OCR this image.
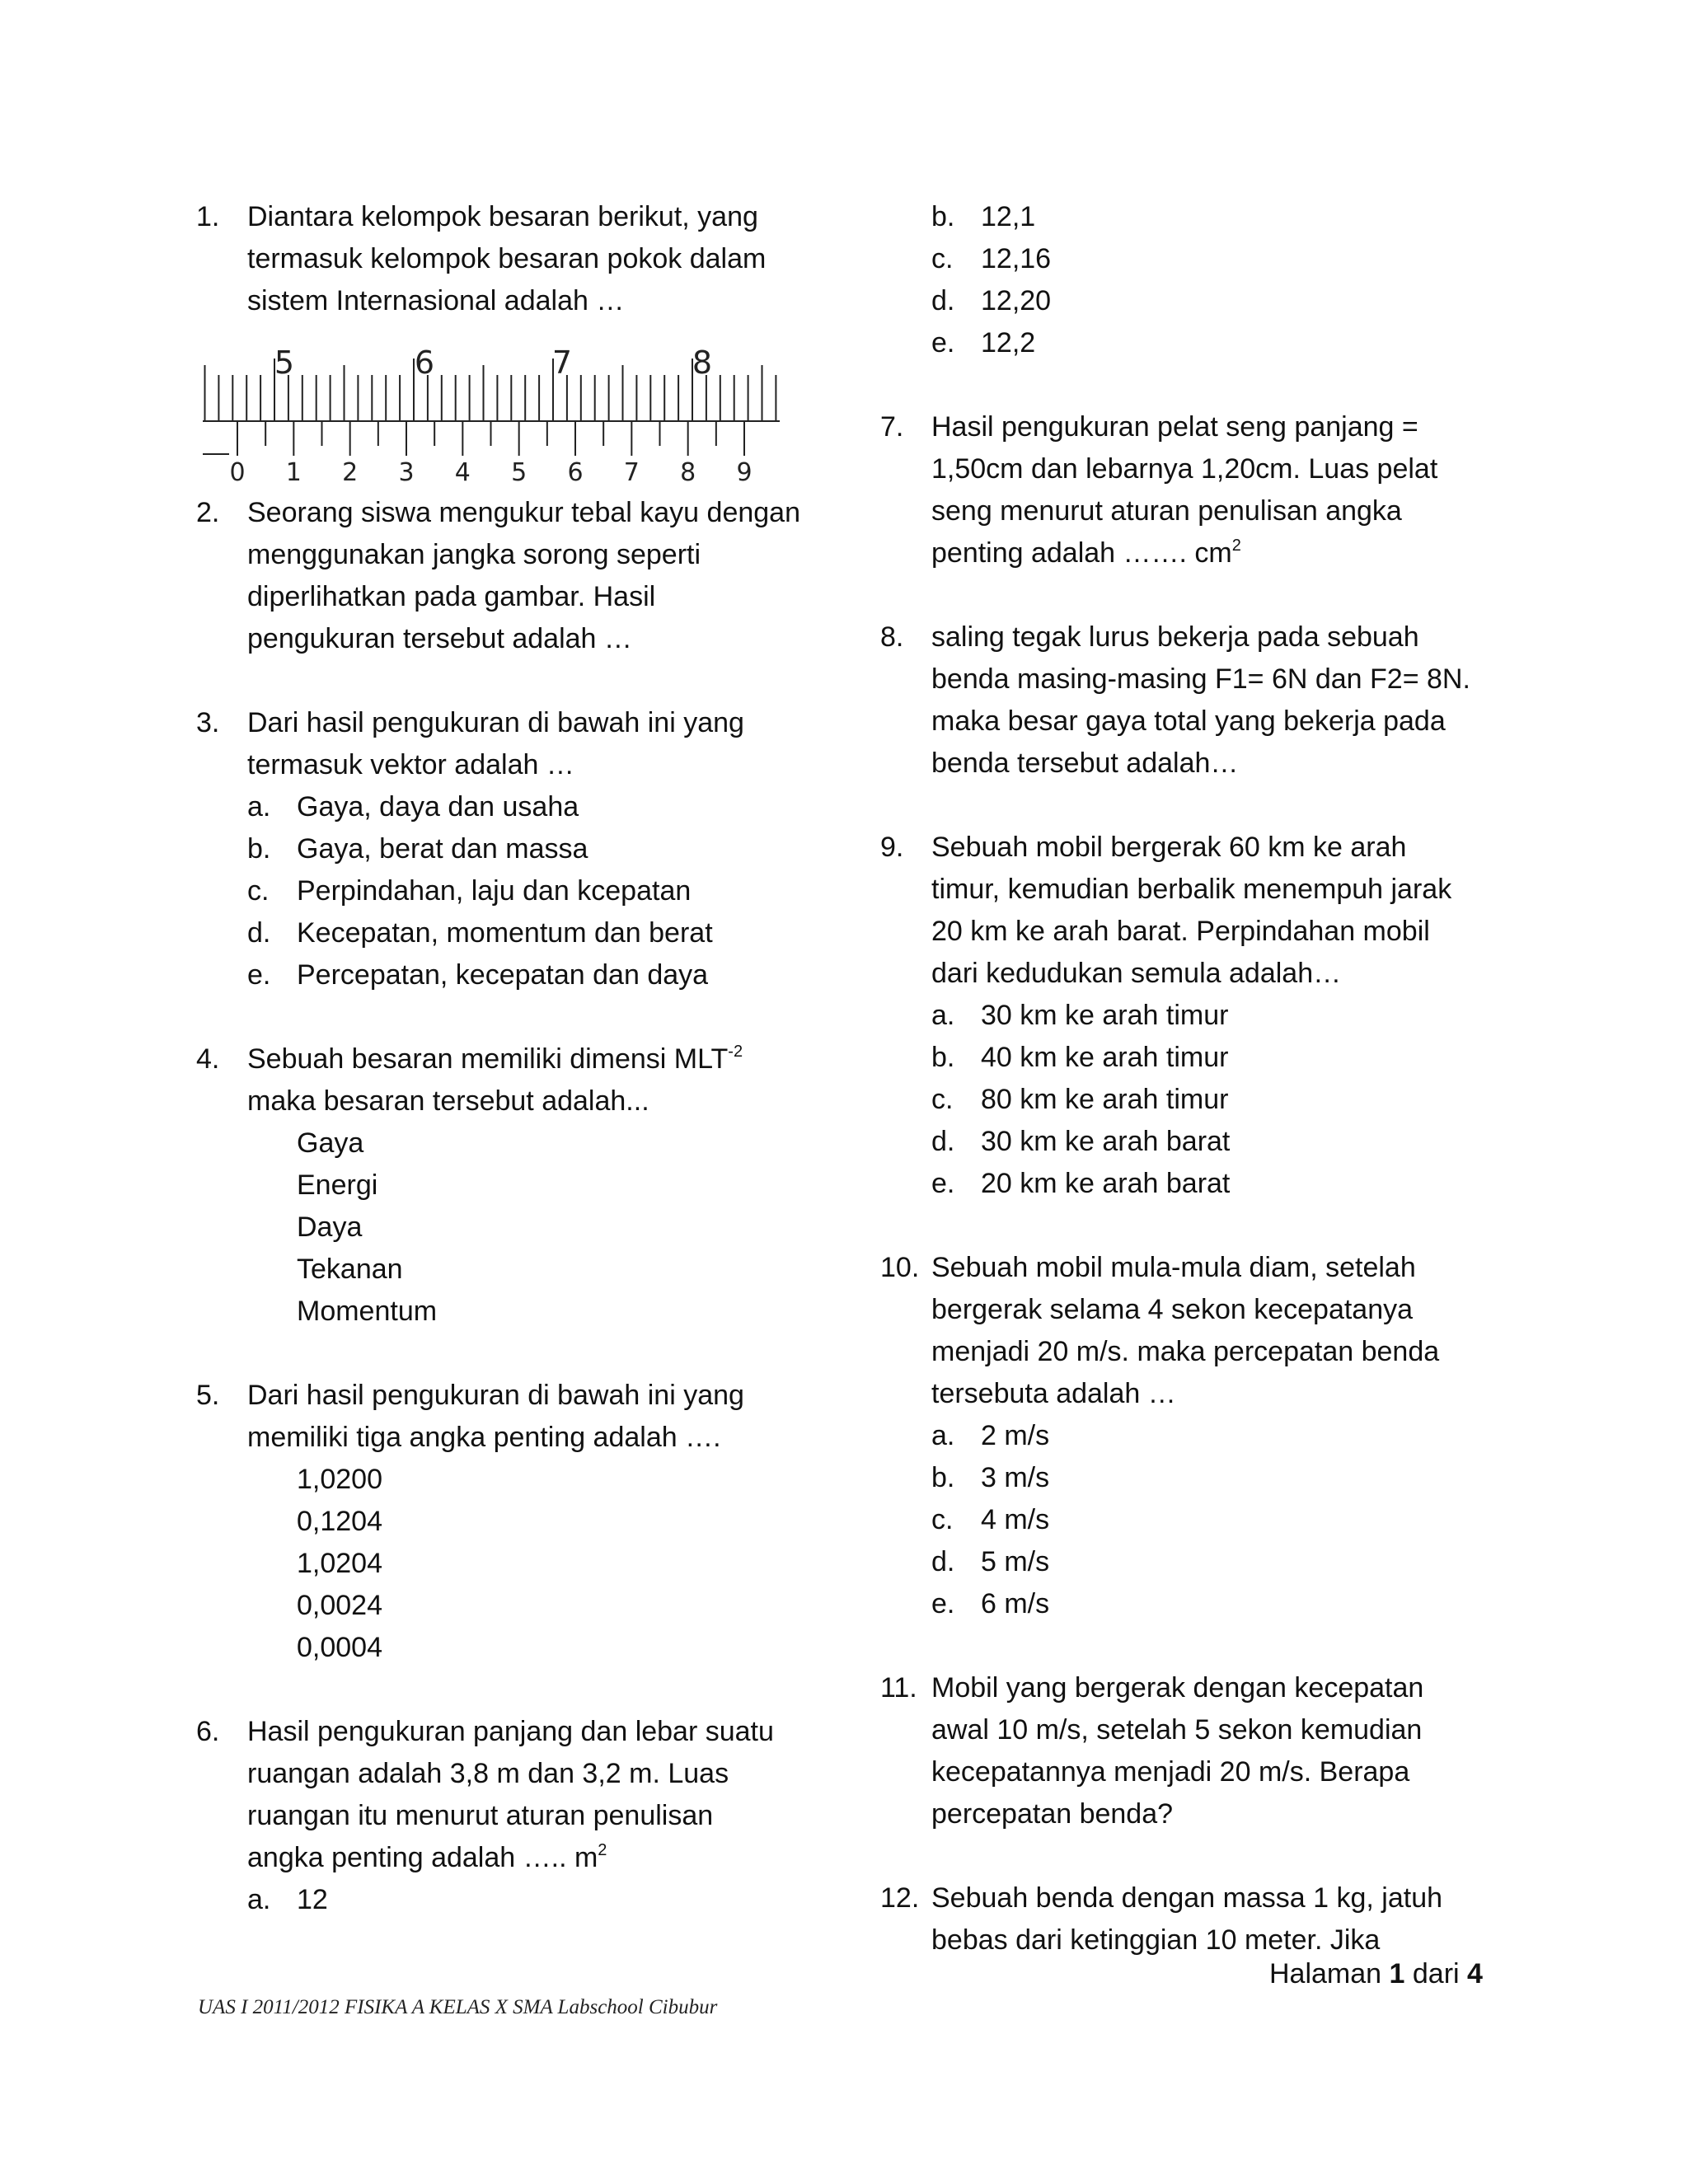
1. Diantara kelompok besaran berikut, yang
termasuk kelompok besaran pokok dalam
sistem Internasional adalah …
5	6	7	8
0 1 2 3 4 5 6 7 8 9
2. Seorang siswa mengukur tebal kayu dengan
menggunakan jangka sorong seperti
diperlihatkan pada gambar. Hasil
pengukuran tersebut adalah …
3. Dari hasil pengukuran di bawah ini yang
termasuk vektor adalah …
a. Gaya, daya dan usaha
b. Gaya, berat dan massa
c. Perpindahan, laju dan kcepatan
d. Kecepatan, momentum dan berat
e. Percepatan, kecepatan dan daya
4. Sebuah besaran memiliki dimensi $MLT^{-2}$
maka besaran tersebut adalah...
Gaya
Energi
Daya
Tekanan
Momentum
5. Dari hasil pengukuran di bawah ini yang
memiliki tiga angka penting adalah ….
1,0200
0,1204
1,0204
0,0024
0,0004
6. Hasil pengukuran panjang dan lebar suatu
ruangan adalah 3,8 m dan 3,2 m. Luas
ruangan itu menurut aturan penulisan
angka penting adalah ….. $m^2$
a. 12
b. 12,1
c. 12,16
d. 12,20
e. 12,2
7. Hasil pengukuran pelat seng panjang =
1,50cm dan lebarnya 1,20cm. Luas pelat
seng menurut aturan penulisan angka
penting adalah ……. $cm^2$
8. saling tegak lurus bekerja pada sebuah
benda masing-masing F1= 6N dan F2= 8N.
maka besar gaya total yang bekerja pada
benda tersebut adalah…
9. Sebuah mobil bergerak 60 km ke arah
timur, kemudian berbalik menempuh jarak
20 km ke arah barat. Perpindahan mobil
dari kedudukan semula adalah…
a. 30 km ke arah timur
b. 40 km ke arah timur
c. 80 km ke arah timur
d. 30 km ke arah barat
e. 20 km ke arah barat
10. Sebuah mobil mula-mula diam, setelah
bergerak selama 4 sekon kecepatanya
menjadi 20 m/s. maka percepatan benda
tersebuta adalah …
a. 2 m/s
b. 3 m/s
c. 4 m/s
d. 5 m/s
e. 6 m/s
11. Mobil yang bergerak dengan kecepatan
awal 10 m/s, setelah 5 sekon kemudian
kecepatannya menjadi 20 m/s. Berapa
percepatan benda?
12. Sebuah benda dengan massa 1 kg, jatuh
bebas dari ketinggian 10 meter. Jika
Halaman 1 dari 4
UAS I 2011/2012 FISIKA A KELAS X SMA Labschool Cibubur
